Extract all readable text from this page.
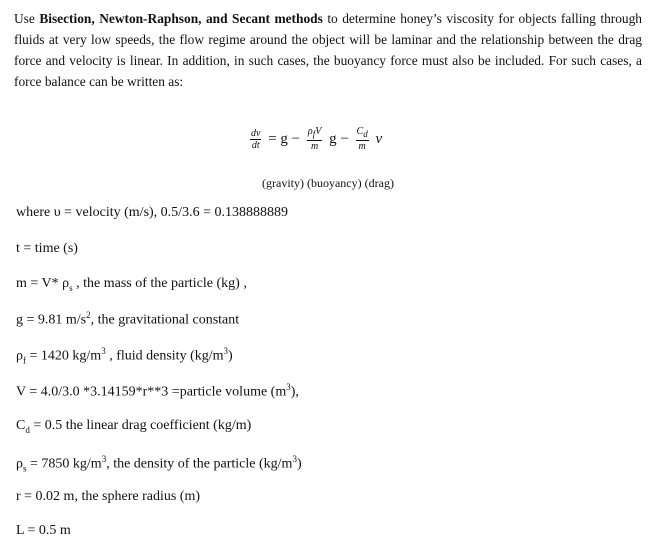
Use Bisection, Newton-Raphson, and Secant methods to determine honey’s viscosity for objects falling through fluids at very low speeds, the flow regime around the object will be laminar and the relationship between the drag force and velocity is linear. In addition, in such cases, the buoyancy force must also be included. For such cases, a force balance can be written as:
$\frac{dv}{dt} = g - \frac{\rho_fV}{m}$ $g - \frac{C_d}{m}$ v
(gravity) (buoyancy) (drag)
where υ = velocity (m/s), 0.5/3.6 = 0.138888889
t = time (s)
m = V* $\rho_s$ , the mass of the particle (kg) ,
g = 9.81 $m/s^2$, the gravitational constant
$\rho_f = 1420$ $kg/m^3$ , fluid density $(kg/m^3)$
V = 4.0/3.0 *3.14159*r**3 =particle volume $(m^3)$,
$C_d = 0.5$ the linear drag coefficient (kg/m)
$\rho_s = 7850$ $kg/m^3$, the density of the particle $(kg/m^3)$
r = 0.02 m, the sphere radius (m)
L = 0.5 m
